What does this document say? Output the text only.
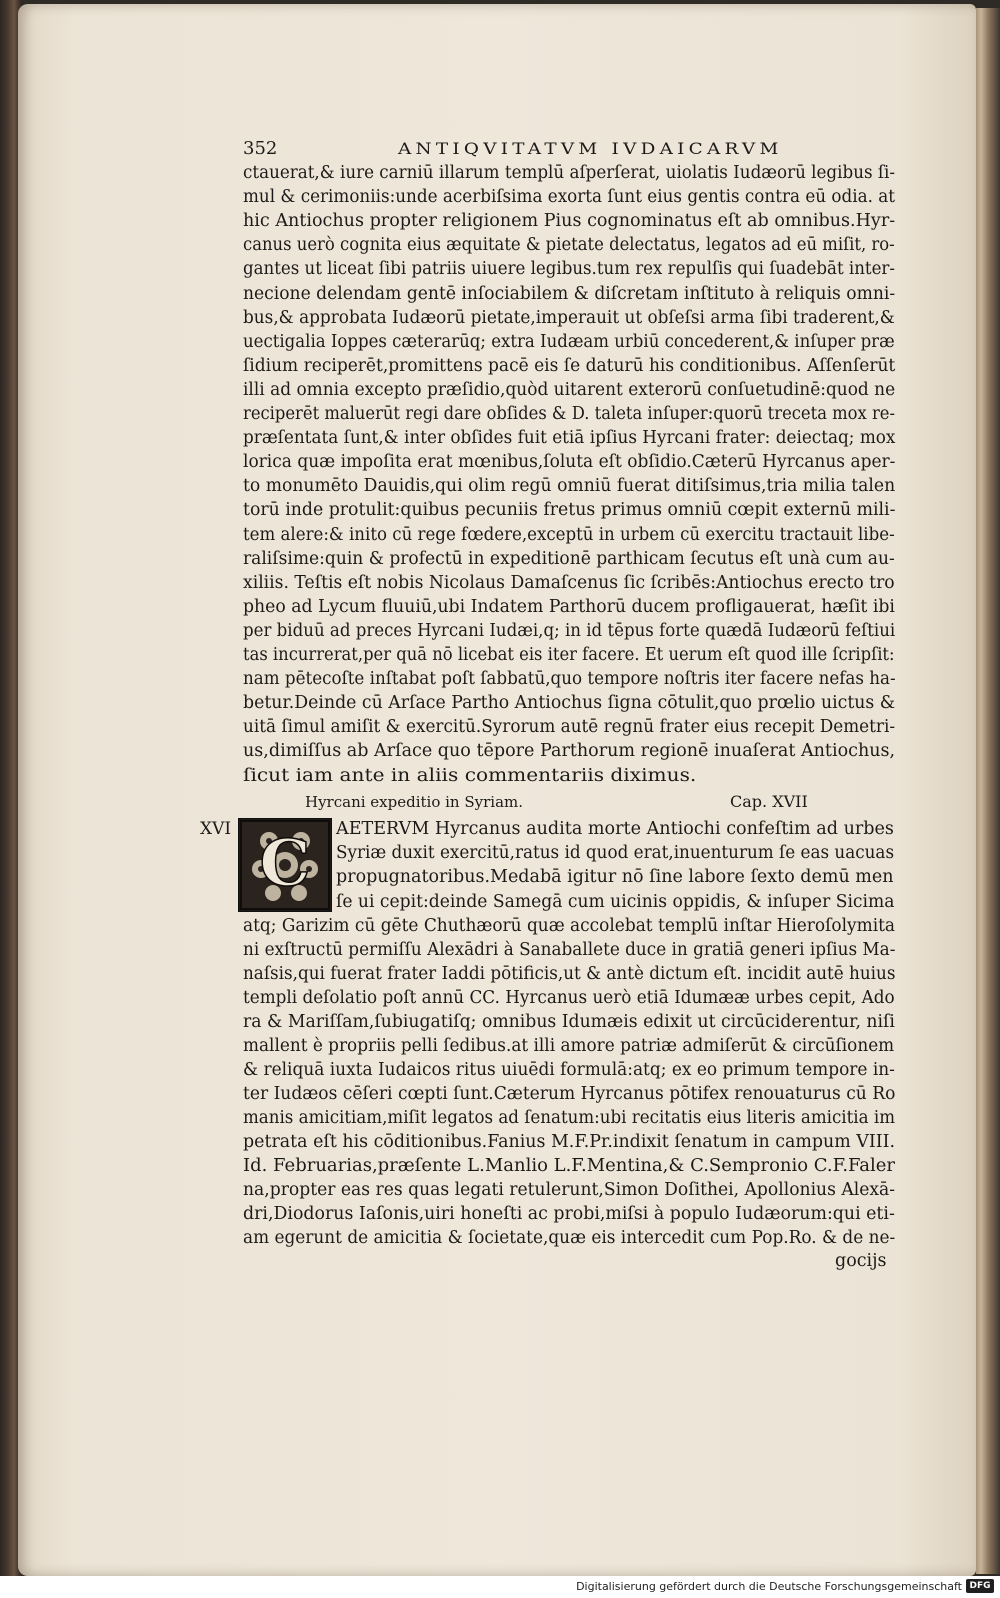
352	ANTIQVITATVM IVDAICARVM
ctauerat,& iure carniū illarum templū aſperſerat, uiolatis Iudæorū legibus ſi-
mul & cerimoniis:unde acerbiſsima exorta ſunt eius gentis contra eū odia. at
hic Antiochus propter religionem Pius cognominatus eſt ab omnibus.Hyr-
canus uerò cognita eius æquitate & pietate delectatus, legatos ad eū miſit, ro-
gantes ut liceat ſibi patriis uiuere legibus.tum rex repulſis qui ſuadebāt inter-
necione delendam gentē inſociabilem & diſcretam inſtituto à reliquis omni-
bus,& approbata Iudæorū pietate,imperauit ut obſeſsi arma ſibi traderent,&
uectigalia Ioppes cæterarūq; extra Iudæam urbiū concederent,& inſuper præ
ſidium reciperēt,promittens pacē eis ſe daturū his conditionibus. Aſſenſerūt
illi ad omnia excepto præſidio,quòd uitarent exterorū conſuetudinē:quod ne
reciperēt maluerūt regi dare obſides & D. taleta inſuper:quorū treceta mox re-
præſentata ſunt,& inter obſides fuit etiā ipſius Hyrcani frater: deiectaq; mox
lorica quæ impoſita erat mœnibus,ſoluta eſt obſidio.Cæterū Hyrcanus aper-
to monumēto Dauidis,qui olim regū omniū fuerat ditiſsimus,tria milia talen
torū inde protulit:quibus pecuniis fretus primus omniū cœpit externū mili-
tem alere:& inito cū rege fœdere,exceptū in urbem cū exercitu tractauit libe-
raliſsime:quin & profectū in expeditionē parthicam ſecutus eſt unà cum au-
xiliis. Teſtis eſt nobis Nicolaus Damaſcenus ſic ſcribēs:Antiochus erecto tro
pheo ad Lycum fluuiū,ubi Indatem Parthorū ducem profligauerat, hæſit ibi
per biduū ad preces Hyrcani Iudæi,q; in id tēpus forte quædā Iudæorū feſtiui
tas incurrerat,per quā nō licebat eis iter facere. Et uerum eſt quod ille ſcripſit:
nam pētecoſte inſtabat poſt ſabbatū,quo tempore noſtris iter facere nefas ha-
betur.Deinde cū Arſace Partho Antiochus ſigna cōtulit,quo prœlio uictus &
uitā ſimul amiſit & exercitū.Syrorum autē regnū frater eius recepit Demetri-
us,dimiſſus ab Arſace quo tēpore Parthorum regionē inuaſerat Antiochus,
ſicut iam ante in aliis commentariis diximus.
Hyrcani expeditio in Syriam.	Cap. XVII
XVI C AETERVM Hyrcanus audita morte Antiochi confeſtim ad urbes
Syriæ duxit exercitū,ratus id quod erat,inuenturum ſe eas uacuas
propugnatoribus.Medabā igitur nō ſine labore ſexto demū men
ſe ui cepit:deinde Samegā cum uicinis oppidis, & inſuper Sicima
atq; Garizim cū gēte Chuthæorū quæ accolebat templū inſtar Hieroſolymita
ni exſtructū permiſſu Alexādri à Sanaballete duce in gratiā generi ipſius Ma-
naſsis,qui fuerat frater Iaddi pōtificis,ut & antè dictum eſt. incidit autē huius
templi deſolatio poſt annū CC. Hyrcanus uerò etiā Idumææ urbes cepit, Ado
ra & Mariſſam,ſubiugatiſq; omnibus Idumæis edixit ut circūciderentur, niſi
mallent è propriis pelli ſedibus.at illi amore patriæ admiſerūt & circūſionem
& reliquā iuxta Iudaicos ritus uiuēdi formulā:atq; ex eo primum tempore in-
ter Iudæos cēſeri cœpti ſunt.Cæterum Hyrcanus pōtifex renouaturus cū Ro
manis amicitiam,miſit legatos ad ſenatum:ubi recitatis eius literis amicitia im
petrata eſt his cōditionibus.Fanius M.F.Pr.indixit ſenatum in campum VIII.
Id. Februarias,præſente L.Manlio L.F.Mentina,& C.Sempronio C.F.Faler
na,propter eas res quas legati retulerunt,Simon Doſithei, Apollonius Alexā-
dri,Diodorus Iaſonis,uiri honeſti ac probi,miſsi à populo Iudæorum:qui eti-
am egerunt de amicitia & ſocietate,quæ eis intercedit cum Pop.Ro. & de ne-
gocijs
Digitalisierung gefördert durch die Deutsche Forschungsgemeinschaft DFG
